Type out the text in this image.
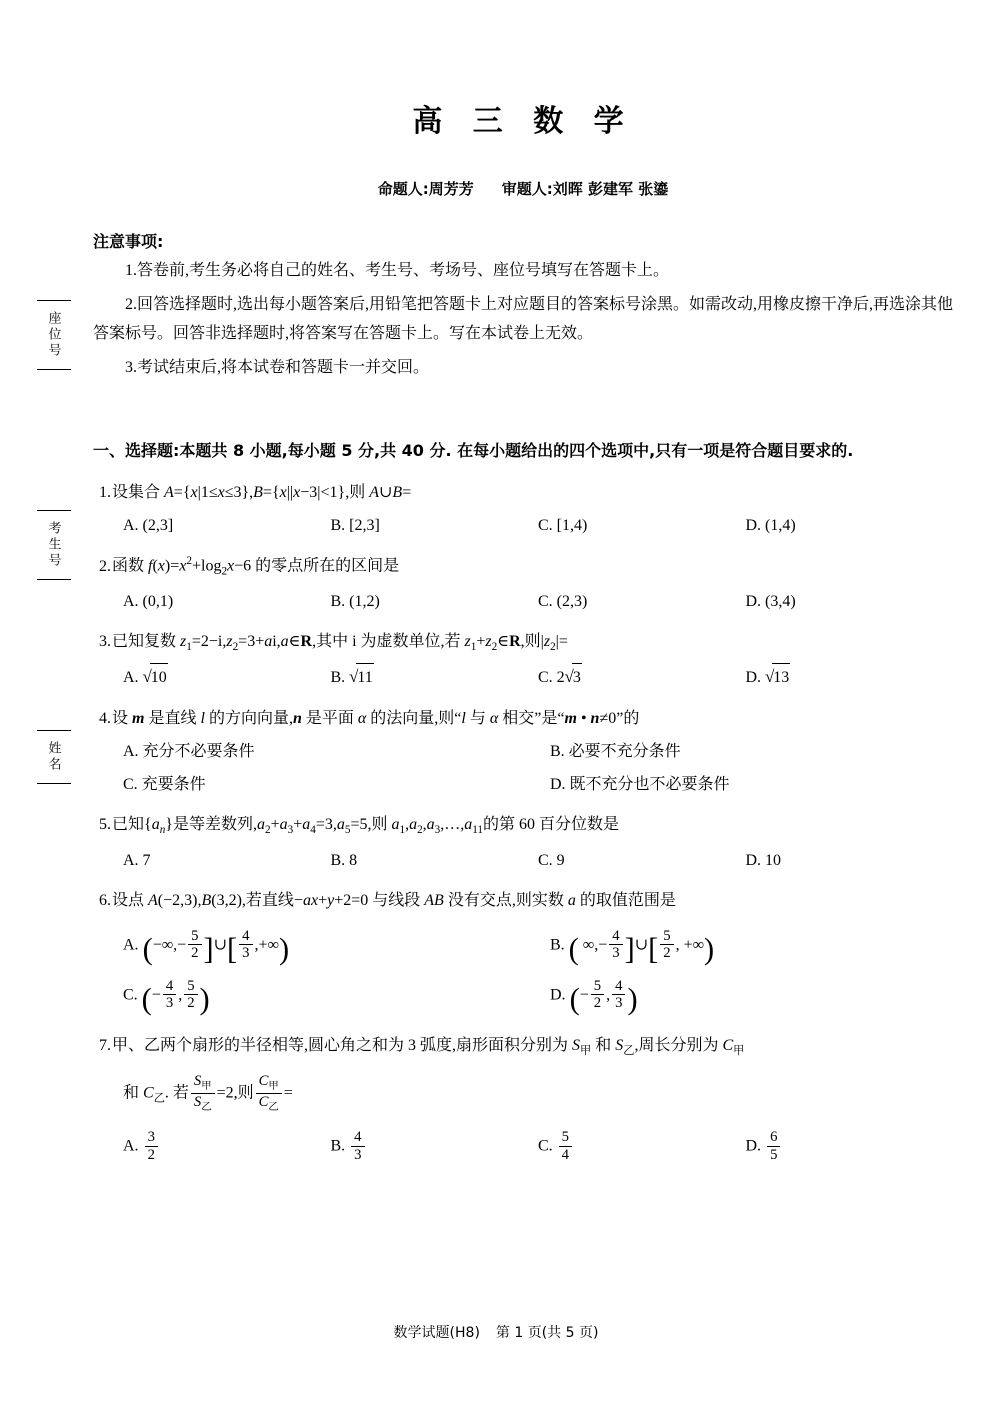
座位号
考生号
姓名
高 三 数 学
命题人:周芳芳 审题人:刘晖 彭建军 张鎏
注意事项:
1.答卷前,考生务必将自己的姓名、考生号、考场号、座位号填写在答题卡上。
2.回答选择题时,选出每小题答案后,用铅笔把答题卡上对应题目的答案标号涂黑。如需改动,用橡皮擦干净后,再选涂其他答案标号。回答非选择题时,将答案写在答题卡上。写在本试卷上无效。
3.考试结束后,将本试卷和答题卡一并交回。
一、选择题:本题共 8 小题,每小题 5 分,共 40 分. 在每小题给出的四个选项中,只有一项是符合题目要求的.
1.设集合 A={x|1≤x≤3},B={x||x−3|<1},则 A∪B=
A. (2,3]	B. [2,3]	C. [1,4)	D. (1,4)
2.函数 $f(x)=x^2+\log_2x-6$ 的零点所在的区间是
A. (0,1)	B. (1,2)	C. (2,3)	D. (3,4)
3.已知复数 $z_1=2-i,z_2=3+ai,a\in R$,其中 i 为虚数单位,若 $z_1+z_2\in R$,则$|z_2|=$
A. √10	B. √11	C. 2√3	D. √13
4.设 m 是直线 l 的方向向量,n 是平面 α 的法向量,则“l 与 α 相交”是“m • n≠0”的
A. 充分不必要条件	B. 必要不充分条件
C. 充要条件	D. 既不充分也不必要条件
5.已知$\{a_n\}$是等差数列$,a_2+a_3+a_4=3,a_5=5$,则 $a_1,a_2,a_3,\dots,a_{11}$的第 60 百分位数是
A. 7	B. 8	C. 9	D. 10
6.设点 A(−2,3),B(3,2),若直线−ax+y+2=0 与线段 AB 没有交点,则实数 a 的取值范围是
A. (−∞,− $\frac{5}{2}$ ]∪[ $\frac{4}{3}$ ,+∞)	B. ( ∞,− $\frac{4}{3}$ ]∪[ $\frac{5}{2}$ , +∞)
C. (− $\frac{4}{3}$ , $\frac{5}{2}$ )	D. (− $\frac{5}{2}$ , $\frac{4}{3}$ )
7.甲、乙两个扇形的半径相等,圆心角之和为 3 弧度,扇形面积分别为 $S_甲$ 和 $S_乙$,周长分别为 $C_甲$
和 $C_乙$. 若 $\frac{S_甲}{S_乙} =2$,则 $\frac{C_甲}{C_乙}$ =
A. $\frac{3}{2}$	B. $\frac{4}{3}$	C. $\frac{5}{4}$	D. $\frac{6}{5}$
数学试题(H8) 第 1 页(共 5 页)
